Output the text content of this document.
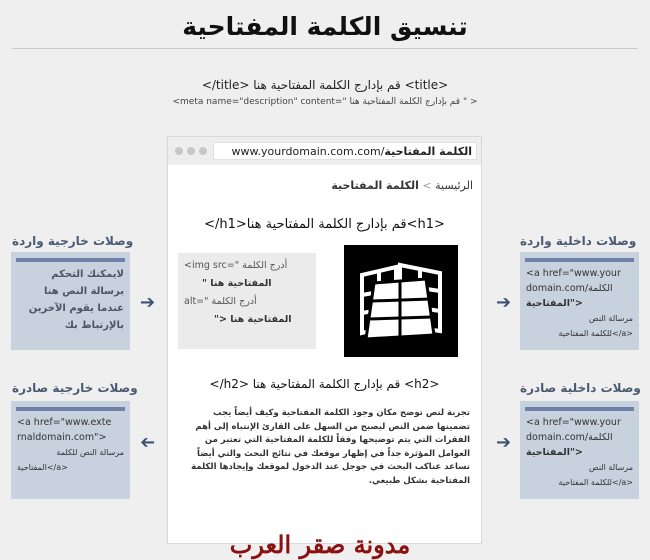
تنسيق الكلمة المفتاحية
</title> قم بإدارج الكلمة المفتاحية هنا <title>
<meta name="description" content=" قم بإدارج الكلمة المفتاحية هنا " >
www.yourdomain.com.com/الكلمة المفتاحية
الرئيسية > الكلمة المفتاحية
</h1>قم بإدارج الكلمة المفتاحية هنا<h1>
<img src=" أدرج الكلمة
" المفتاحية هنا
alt=" أدرج الكلمة
"> المفتاحية هنا
</h2> قم بإدارج الكلمة المفتاحية هنا <h2>
تجربة لنص توضح مكان وجود الكلمة المفتاحية وكيف أيضاً يجب تضمينها ضمن النص ليصبح من السهل على القارئ الإنتباه إلى أهم الفقرات التي يتم توضيحها وفقاً للكلمة المفتاحية التي تعتبر من العوامل المؤثرة جداً في إظهار موقعك في نتائج البحث والتي أيضاً تساعد عناكب البحث في جوجل عند الدخول لموقعك وإيجادها الكلمة المفتاحية بشكل طبيعي.
وصلات خارجية واردة
لايمكنك التحكم برسالة النص هنا عندما يقوم الآخرين بالإرتباط بك
➔
وصلات داخلية واردة
<a href="www.your
domain.com/الكلمة
المفتاحية">
مرسالة النص
للكلمة المفتاحية</a>
➔
وصلات خارجية صادرة
<a href="www.exte
rnaldomain.com">
مرسالة النص للكلمة
المفتاحية</a>
➔
وصلات داخلية صادرة
<a href="www.your
domain.com/الكلمة
المفتاحية">
مرسالة النص
للكلمة المفتاحية</a>
➔
مدونة صقر العرب
